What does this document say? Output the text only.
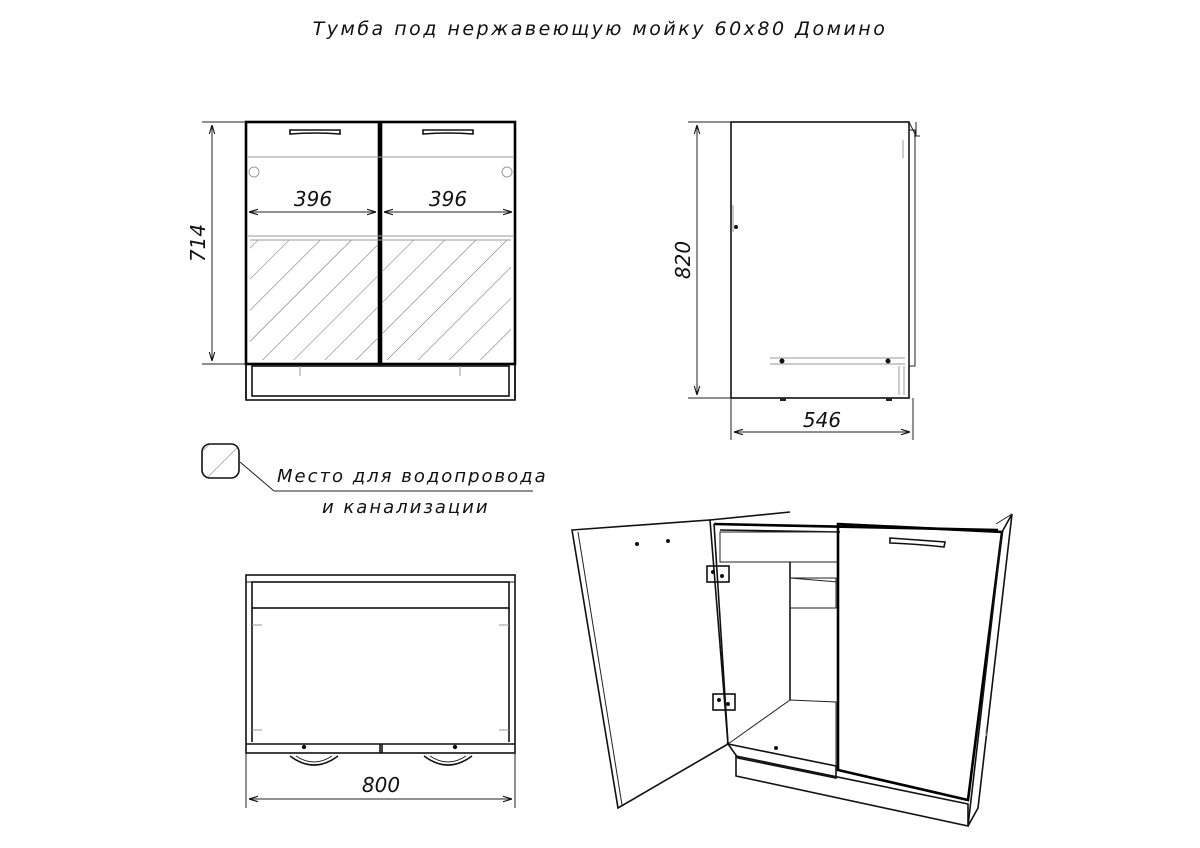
Тумба под нержавеющую мойку 60х80 Домино
396	396
714	820
546
800
Место для водопровода
и канализации
